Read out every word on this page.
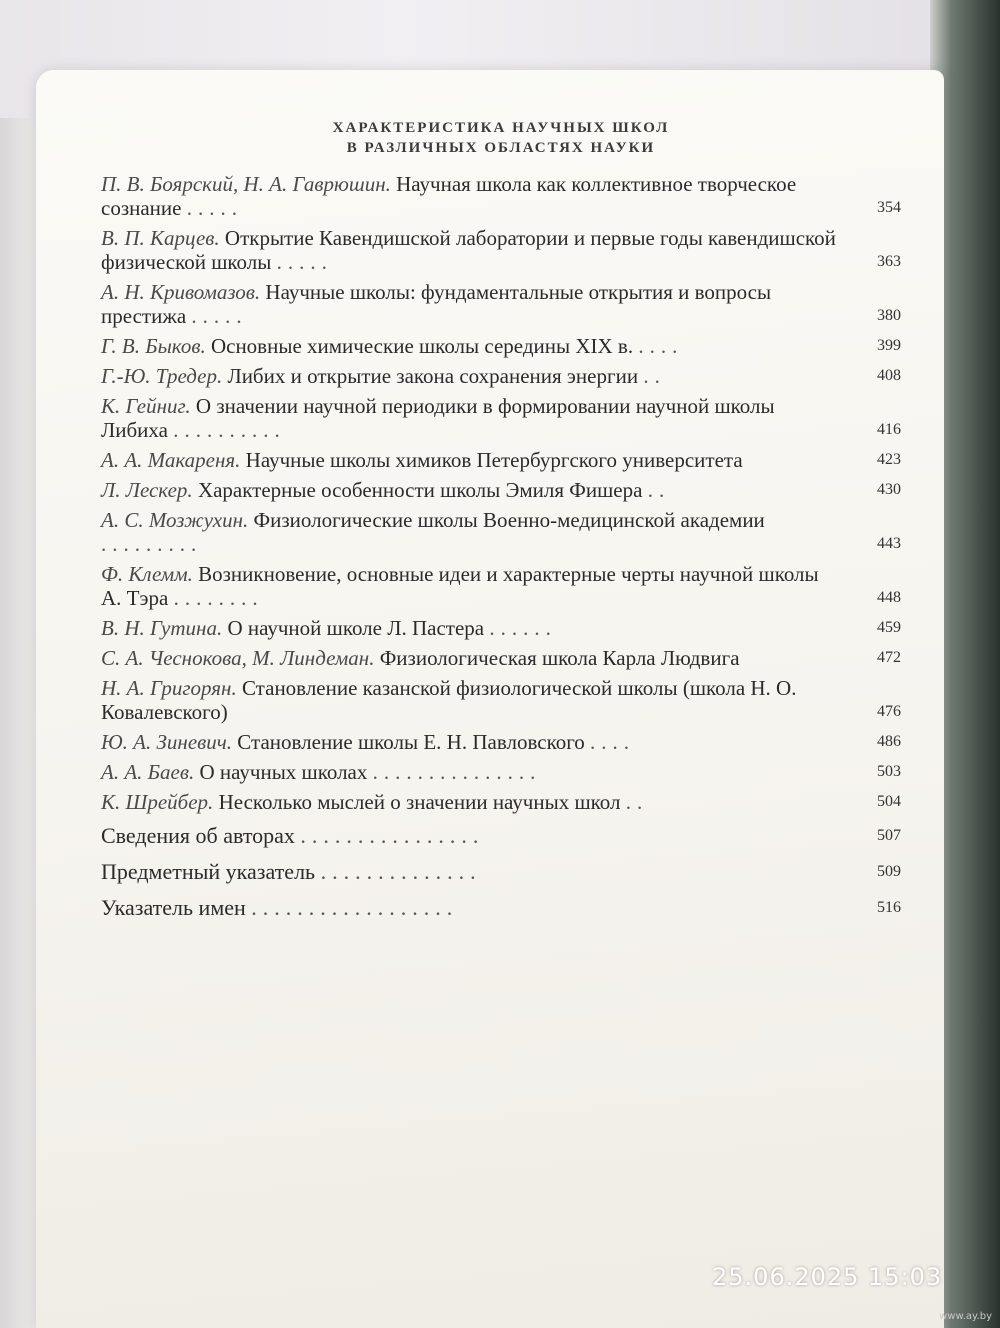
ХАРАКТЕРИСТИКА НАУЧНЫХ ШКОЛ
В РАЗЛИЧНЫХ ОБЛАСТЯХ НАУКИ
П. В. Боярский, Н. А. Гаврюшин. Научная школа как коллективное творческое сознание .....	354
В. П. Карцев. Открытие Кавендишской лаборатории и первые годы кавендишской физической школы .....	363
А. Н. Кривомазов. Научные школы: фундаментальные открытия и вопросы престижа .....	380
Г. В. Быков. Основные химические школы середины XIX в. ....	399
Г.-Ю. Тредер. Либих и открытие закона сохранения энергии ..	408
К. Гейниг. О значении научной периодики в формировании научной школы Либиха ..........	416
А. А. Макареня. Научные школы химиков Петербургского университета	423
Л. Лескер. Характерные особенности школы Эмиля Фишера ..	430
А. С. Мозжухин. Физиологические школы Военно-медицинской академии .........	443
Ф. Клемм. Возникновение, основные идеи и характерные черты научной школы А. Тэра ........	448
В. Н. Гутина. О научной школе Л. Пастера ......	459
С. А. Чеснокова, М. Линдеман. Физиологическая школа Карла Людвига	472
Н. А. Григорян. Становление казанской физиологической школы (школа Н. О. Ковалевского)	476
Ю. А. Зиневич. Становление школы Е. Н. Павловского ....	486
А. А. Баев. О научных школах ...............	503
К. Шрейбер. Несколько мыслей о значении научных школ ..	504
Сведения об авторах ................	507
Предметный указатель ..............	509
Указатель имен ..................	516
25.06.2025 15:03
www.ay.by
